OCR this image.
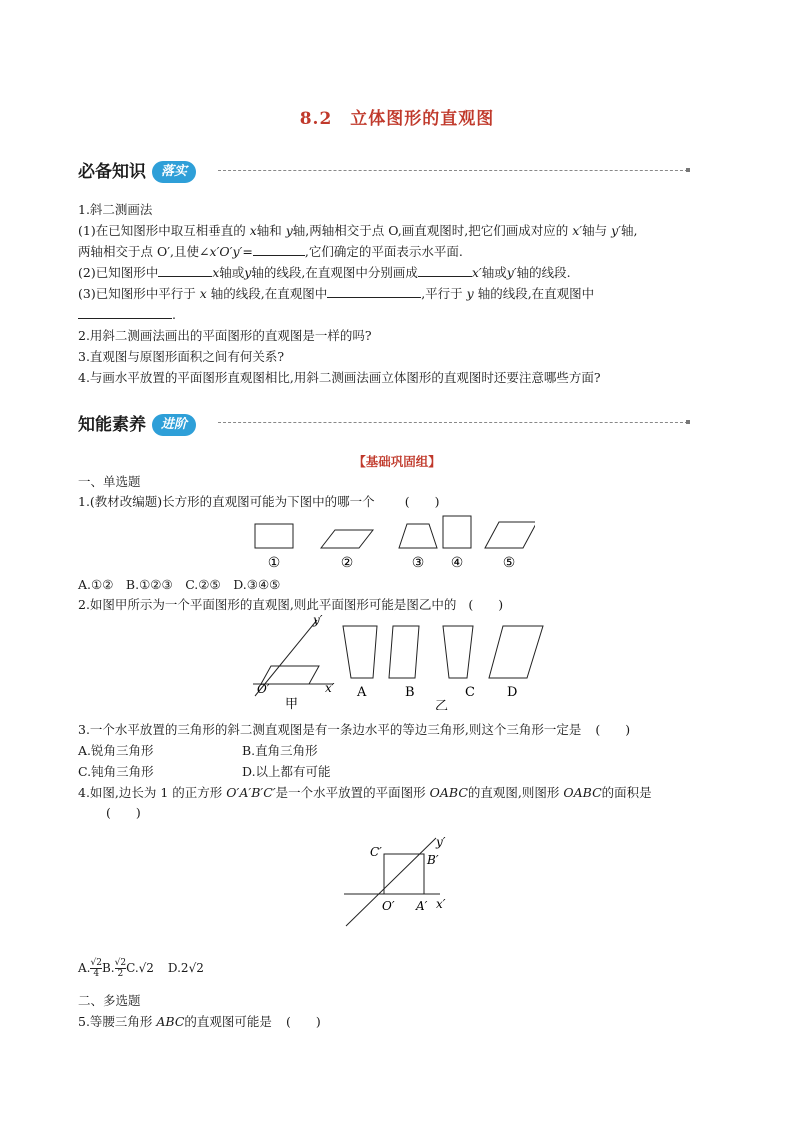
8.2　立体图形的直观图
必备知识 落实
1.斜二测画法
(1)在已知图形中取互相垂直的 x轴和 y轴,两轴相交于点 O,画直观图时,把它们画成对应的 x′轴与 y′轴,
两轴相交于点 O′,且使∠x′O′y′=	,它们确定的平面表示水平面.
(2)已知图形中	x轴或y轴的线段,在直观图中分别画成	x′轴或y′轴的线段.
(3)已知图形中平行于 x 轴的线段,在直观图中	,平行于 y 轴的线段,在直观图中
.
2.用斜二测画法画出的平面图形的直观图是一样的吗?
3.直观图与原图形面积之间有何关系?
4.与画水平放置的平面图形直观图相比,用斜二测画法画立体图形的直观图时还要注意哪些方面?
知能素养 进阶
【基础巩固组】
一、单选题
1.(教材改编题)长方形的直观图可能为下图中的哪一个 (　　)
①	②	③ ④	⑤
A.①②　B.①②③　C.②⑤　D.③④⑤
2.如图甲所示为一个平面图形的直观图,则此平面图形可能是图乙中的 (　　)
y′
x′
O′	A	B	C D
甲	乙
3.一个水平放置的三角形的斜二测直观图是有一条边水平的等边三角形,则这个三角形一定是 (　　)
A.锐角三角形	B.直角三角形
C.钝角三角形	D.以上都有可能
4.如图,边长为 1 的正方形 O′A′B′C′是一个水平放置的平面图形 OABC的直观图,则图形 OABC的面积是
(　　)
C′
B′
O′ A′ x′
y′
A. $\frac{√2}{4} B$. $\frac{√2}{2} C.√2$ D.2√2
二、多选题
5.等腰三角形 ABC的直观图可能是 (　　)
